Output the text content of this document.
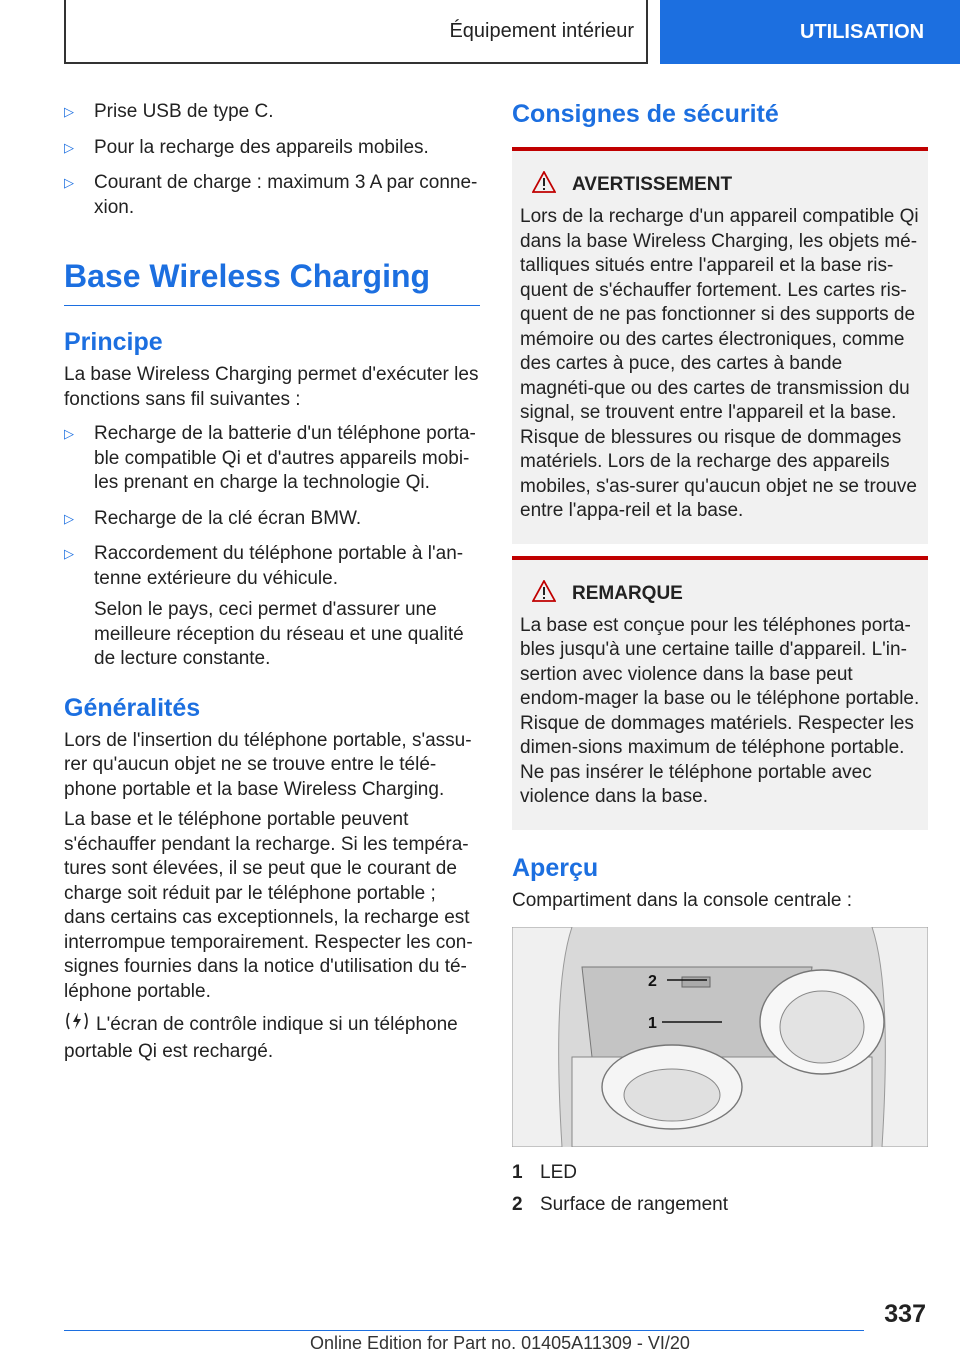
Équipement intérieur	UTILISATION
▷ Prise USB de type C.
▷ Pour la recharge des appareils mobiles.
▷ Courant de charge : maximum 3 A par conne-xion.
Base Wireless Charging
Principe

La base Wireless Charging permet d'exécuter les fonctions sans fil suivantes :

▷ Recharge de la batterie d'un téléphone porta-ble compatible Qi et d'autres appareils mobi-les prenant en charge la technologie Qi.
▷ Recharge de la clé écran BMW.
▷ Raccordement du téléphone portable à l'an-tenne extérieure du véhicule.
Selon le pays, ceci permet d'assurer une meilleure réception du réseau et une qualité de lecture constante.
Généralités

Lors de l'insertion du téléphone portable, s'assu-rer qu'aucun objet ne se trouve entre le télé-phone portable et la base Wireless Charging.

La base et le téléphone portable peuvent s'échauffer pendant la recharge. Si les tempéra-tures sont élevées, il se peut que le courant de charge soit réduit par le téléphone portable ; dans certains cas exceptionnels, la recharge est interrompue temporairement. Respecter les con-signes fournies dans la notice d'utilisation du té-léphone portable.

L'écran de contrôle indique si un téléphone portable Qi est rechargé.

Consignes de sécurité
AVERTISSEMENT

Lors de la recharge d'un appareil compatible Qi dans la base Wireless Charging, les objets mé-talliques situés entre l'appareil et la base ris-quent de s'échauffer fortement. Les cartes ris-quent de ne pas fonctionner si des supports de mémoire ou des cartes électroniques, comme des cartes à puce, des cartes à bande magnéti-que ou des cartes de transmission du signal, se trouvent entre l'appareil et la base. Risque de blessures ou risque de dommages matériels. Lors de la recharge des appareils mobiles, s'as-surer qu'aucun objet ne se trouve entre l'appa-reil et la base.

REMARQUE

La base est conçue pour les téléphones porta-bles jusqu'à une certaine taille d'appareil. L'in-sertion avec violence dans la base peut endom-mager la base ou le téléphone portable. Risque de dommages matériels. Respecter les dimen-sions maximum de téléphone portable. Ne pas insérer le téléphone portable avec violence dans la base.

Aperçu

Compartiment dans la console centrale :

2
1
1 LED
2 Surface de rangement
337
Online Edition for Part no. 01405A11309 - VI/20
